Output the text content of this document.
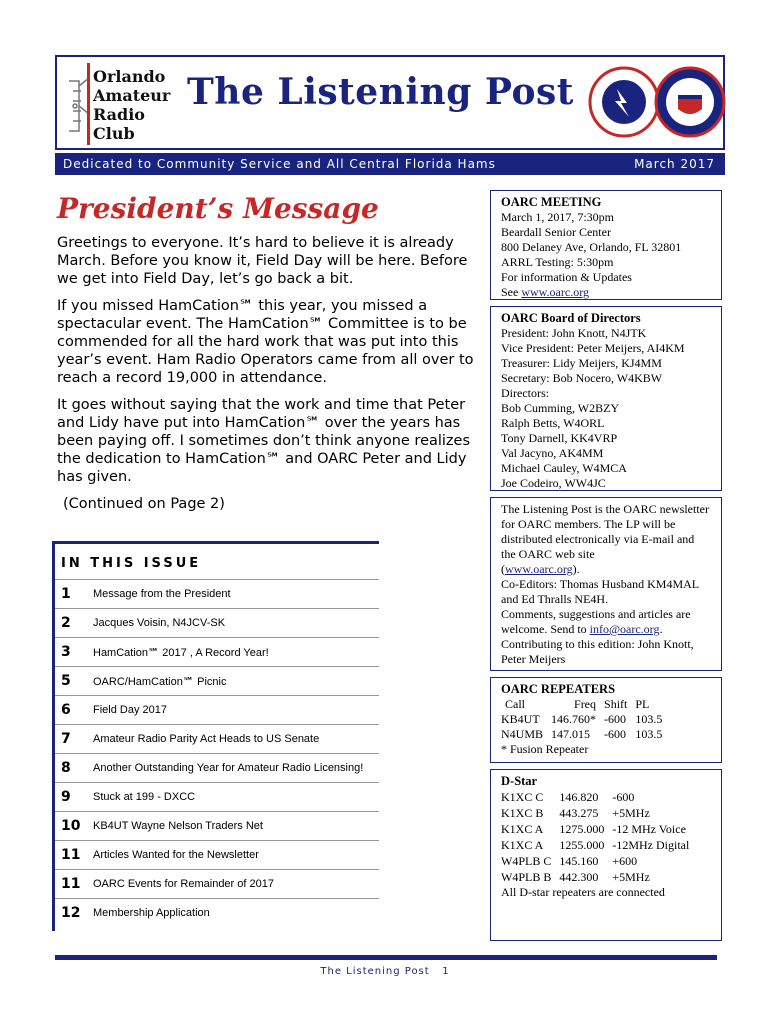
Orlando
Amateur
Radio
Club
The Listening Post
Dedicated to Community Service and All Central Florida Hams	March 2017
President’s Message

Greetings to everyone. It’s hard to believe it is already March. Before you know it, Field Day will be here. Before we get into Field Day, let’s go back a bit.

If you missed HamCation℠ this year, you missed a spectacular event. The HamCation℠ Committee is to be commended for all the hard work that was put into this year’s event. Ham Radio Operators came from all over to reach a record 19,000 in attendance.

It goes without saying that the work and time that Peter and Lidy have put into HamCation℠ over the years has been paying off. I sometimes don’t think anyone realizes the dedication to HamCation℠ and OARC Peter and Lidy has given.

(Continued on Page 2)

IN THIS ISSUE
1	Message from the President
2	Jacques Voisin, N4JCV-SK
3	HamCation℠ 2017 , A Record Year!
5	OARC/HamCation℠ Picnic
6	Field Day 2017
7	Amateur Radio Parity Act Heads to US Senate
8	Another Outstanding Year for Amateur Radio Licensing!
9	Stuck at 199 - DXCC
10	KB4UT Wayne Nelson Traders Net
11	Articles Wanted for the Newsletter
11	OARC Events for Remainder of 2017
12	Membership Application
OARC MEETING
March 1, 2017, 7:30pm
Beardall Senior Center
800 Delaney Ave, Orlando, FL 32801
ARRL Testing: 5:30pm
For information & Updates
See www.oarc.org
OARC Board of Directors
President: John Knott, N4JTK
Vice President: Peter Meijers, AI4KM
Treasurer: Lidy Meijers, KJ4MM
Secretary: Bob Nocero, W4KBW
Directors:
Bob Cumming, W2BZY
Ralph Betts, W4ORL
Tony Darnell, KK4VRP
Val Jacyno, AK4MM
Michael Cauley, W4MCA
Joe Codeiro, WW4JC
The Listening Post is the OARC newsletter for OARC members. The LP will be distributed electronically via E-mail and the OARC web site
(www.oarc.org).
Co-Editors: Thomas Husband KM4MAL and Ed Thralls NE4H.
Comments, suggestions and articles are welcome. Send to info@oarc.org.
Contributing to this edition: John Knott, Peter Meijers
OARC REPEATERS
Call	Freq	Shift	PL
KB4UT	146.760*	-600	103.5
N4UMB	147.015	-600	103.5
* Fusion Repeater
D-Star
K1XC C	146.820	-600
K1XC B	443.275	+5MHz
K1XC A	1275.000	-12 MHz Voice
K1XC A	1255.000	-12MHz Digital
W4PLB C	145.160	+600
W4PLB B	442.300	+5MHz
All D-star repeaters are connected
The Listening Post 1
